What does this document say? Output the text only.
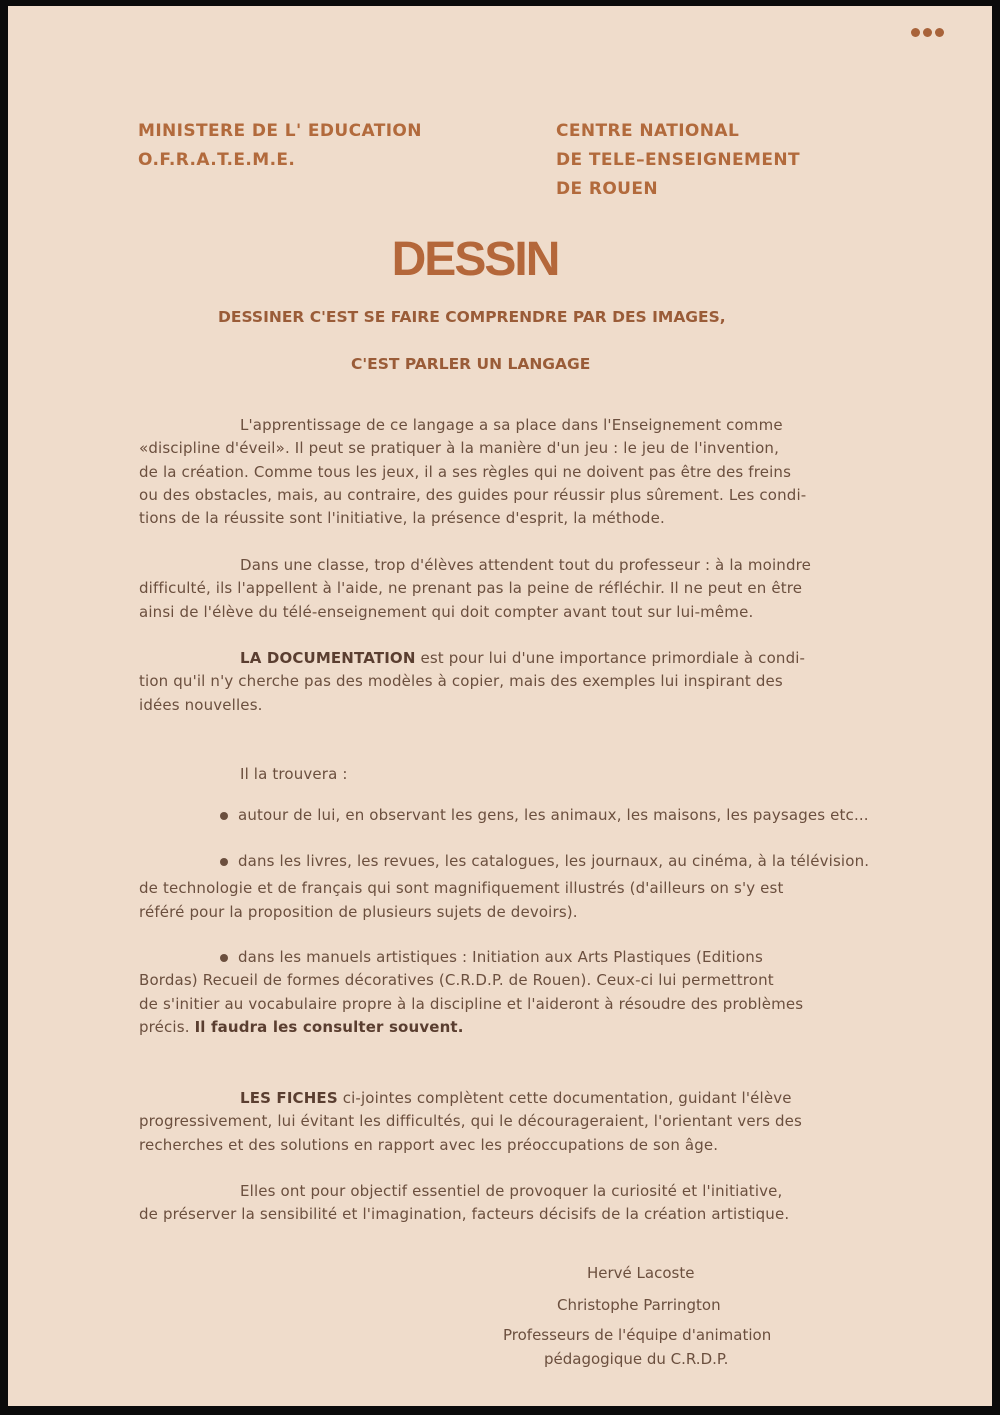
MINISTERE DE L' EDUCATION
O.F.R.A.T.E.M.E.
CENTRE NATIONAL
DE TELE–ENSEIGNEMENT
DE ROUEN
DESSIN
DESSINER C'EST SE FAIRE COMPRENDRE PAR DES IMAGES,
C'EST PARLER UN LANGAGE
L'apprentissage de ce langage a sa place dans l'Enseignement comme
«discipline d'éveil». Il peut se pratiquer à la manière d'un jeu : le jeu de l'invention,
de la création. Comme tous les jeux, il a ses règles qui ne doivent pas être des freins
ou des obstacles, mais, au contraire, des guides pour réussir plus sûrement. Les condi-
tions de la réussite sont l'initiative, la présence d'esprit, la méthode.
Dans une classe, trop d'élèves attendent tout du professeur : à la moindre
difficulté, ils l'appellent à l'aide, ne prenant pas la peine de réfléchir. Il ne peut en être
ainsi de l'élève du télé-enseignement qui doit compter avant tout sur lui-même.
LA DOCUMENTATION est pour lui d'une importance primordiale à condi-
tion qu'il n'y cherche pas des modèles à copier, mais des exemples lui inspirant des
idées nouvelles.
Il la trouvera :
autour de lui, en observant les gens, les animaux, les maisons, les paysages etc...
dans les livres, les revues, les catalogues, les journaux, au cinéma, à la télévision.
de technologie et de français qui sont magnifiquement illustrés (d'ailleurs on s'y est
référé pour la proposition de plusieurs sujets de devoirs).
dans les manuels artistiques : Initiation aux Arts Plastiques (Editions
Bordas) Recueil de formes décoratives (C.R.D.P. de Rouen). Ceux-ci lui permettront
de s'initier au vocabulaire propre à la discipline et l'aideront à résoudre des problèmes
précis. Il faudra les consulter souvent.
LES FICHES ci-jointes complètent cette documentation, guidant l'élève
progressivement, lui évitant les difficultés, qui le décourageraient, l'orientant vers des
recherches et des solutions en rapport avec les préoccupations de son âge.
Elles ont pour objectif essentiel de provoquer la curiosité et l'initiative,
de préserver la sensibilité et l'imagination, facteurs décisifs de la création artistique.
Hervé Lacoste
Christophe Parrington
Professeurs de l'équipe d'animation
pédagogique du C.R.D.P.
